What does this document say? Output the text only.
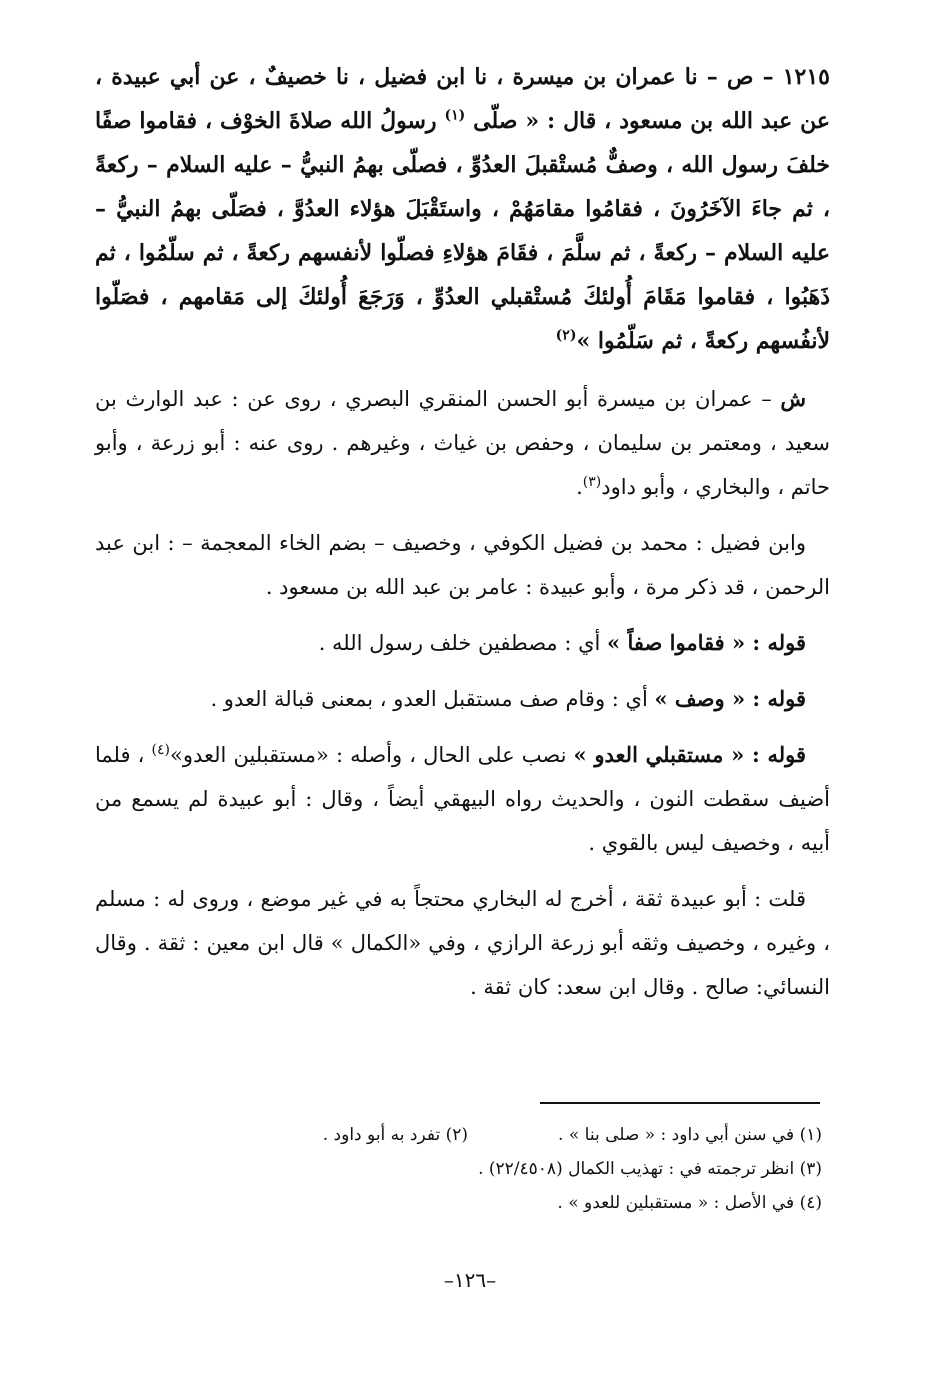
١٢١٥ – ص – نا عمران بن ميسرة ، نا ابن فضيل ، نا خصيفٌ ، عن أبي عبيدة ، عن عبد الله بن مسعود ، قال : « صلّى $^{(١)}$ رسولُ الله صلاةَ الخوْف ، فقاموا صفًا خلفَ رسول الله ، وصفٌّ مُستْقبلَ العدُوِّ ، فصلّى بهمُ النبيُّ – عليه السلام – ركعةً ، ثم جاءَ الآخَرُونَ ، فقامُوا مقامَهُمْ ، واستَقْبَلَ هؤلاء العدُوَّ ، فصَلّى بهمُ النبيُّ – عليه السلام – ركعةً ، ثم سلَّمَ ، فقَامَ هؤلاءِ فصلّوا لأنفسهم ركعةً ، ثم سلّمُوا ، ثم ذَهَبُوا ، فقاموا مَقَامَ أُولئكَ مُستْقبلي العدُوِّ ، وَرَجَعَ أُولئكَ إلى مَقامهم ، فصَلّوا لأنفُسهم ركعةً ، ثم سَلّمُوا »$^{(٢)}$

ش – عمران بن ميسرة أبو الحسن المنقري البصري ، روى عن : عبد الوارث بن سعيد ، ومعتمر بن سليمان ، وحفص بن غياث ، وغيرهم . روى عنه : أبو زرعة ، وأبو حاتم ، والبخاري ، وأبو داود$^{(٣)}$.

وابن فضيل : محمد بن فضيل الكوفي ، وخصيف – بضم الخاء المعجمة – : ابن عبد الرحمن ، قد ذكر مرة ، وأبو عبيدة : عامر بن عبد الله بن مسعود .

قوله : « فقاموا صفاً » أي : مصطفين خلف رسول الله .

قوله : « وصف » أي : وقام صف مستقبل العدو ، بمعنى قبالة العدو .

قوله : « مستقبلي العدو » نصب على الحال ، وأصله : «مستقبلين العدو»$^{(٤)}$ ، فلما أضيف سقطت النون ، والحديث رواه البيهقي أيضاً ، وقال : أبو عبيدة لم يسمع من أبيه ، وخصيف ليس بالقوي .

قلت : أبو عبيدة ثقة ، أخرج له البخاري محتجاً به في غير موضع ، وروى له : مسلم ، وغيره ، وخصيف وثقه أبو زرعة الرازي ، وفي «الكمال » قال ابن معين : ثقة . وقال النسائي: صالح . وقال ابن سعد: كان ثقة .

(١) في سنن أبي داود : « صلى بنا » .
(٢) تفرد به أبو داود .
(٣) انظر ترجمته في : تهذيب الكمال (٢٢/٤٥٠٨) .
(٤) في الأصل : « مستقبلين للعدو » .
–١٢٦–
